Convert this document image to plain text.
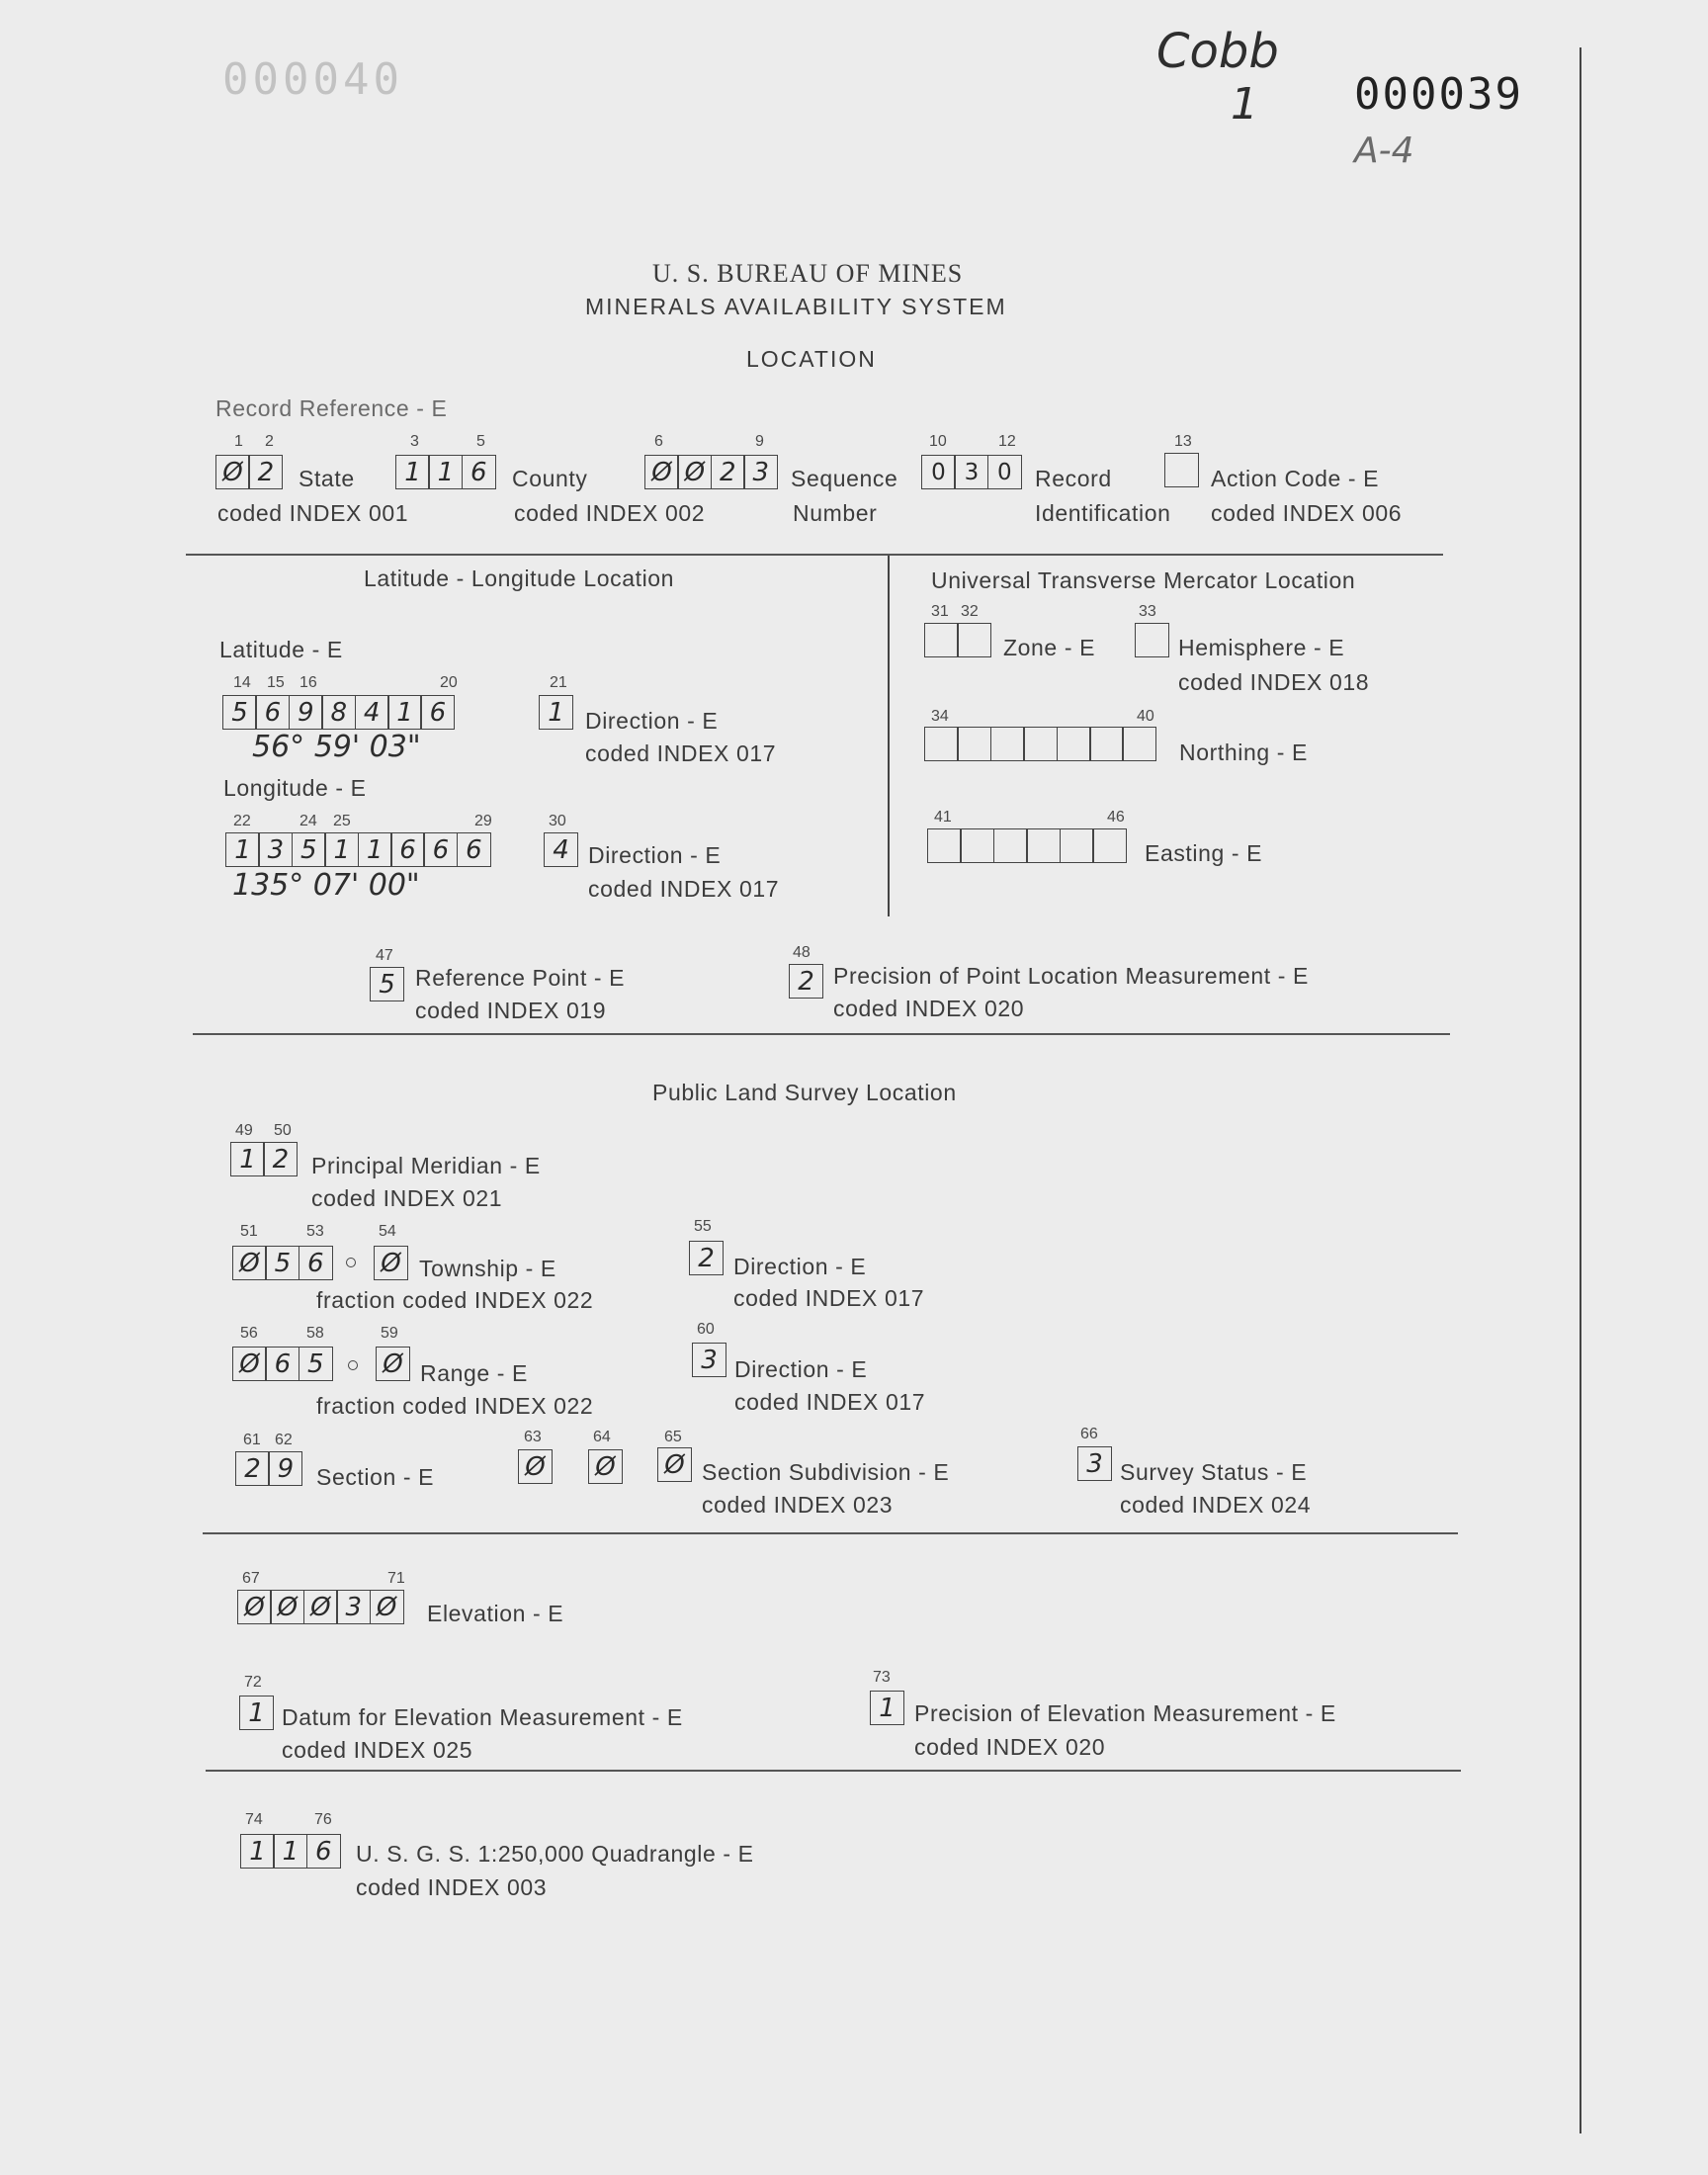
000040
Cobb
1 000039
A-4
U. S. BUREAU OF MINES
MINERALS AVAILABILITY SYSTEM
LOCATION
Record Reference - E
1 2
Ø 2	State
coded INDEX 001
3	5
1 1 6	County
coded INDEX 002
6	9
Ø Ø 2 3 Sequence
Number
10	12
0 3 0	Record
Identification
13
Action Code - E
coded INDEX 006
Latitude - Longitude Location
Latitude - E
14 15 16	20
5 6 9 8 4 1 6
56° 59' 03"
21
1 Direction - E
coded INDEX 017
Longitude - E
22	24 25	29
1 3 5 1 1 6 6 6
135° 07' 00"
30
4 Direction - E
coded INDEX 017
Universal Transverse Mercator Location
31 32
Zone - E
33
Hemisphere - E
coded INDEX 018
34	40
Northing - E
41	46
Easting - E
47
5 Reference Point - E
coded INDEX 019
48
2 Precision of Point Location Measurement - E
coded INDEX 020
Public Land Survey Location
49 50
1 2 Principal Meridian - E
coded INDEX 021
51	53	54
Ø 5 6	Ø Township - E
fraction coded INDEX 022
55
2 Direction - E
coded INDEX 017
56	58	59
Ø 6 5	Ø Range - E
fraction coded INDEX 022
60
3 Direction - E
coded INDEX 017
61 62
2 9 Section - E
63	64	65
Ø Ø Ø Section Subdivision - E
coded INDEX 023
66
3 Survey Status - E
coded INDEX 024
67	71
Ø Ø Ø 3 Ø	Elevation - E
72
1 Datum for Elevation Measurement - E
coded INDEX 025
73
1 Precision of Elevation Measurement - E
coded INDEX 020
74	76
1 1 6	U. S. G. S. 1:250,000 Quadrangle - E
coded INDEX 003
